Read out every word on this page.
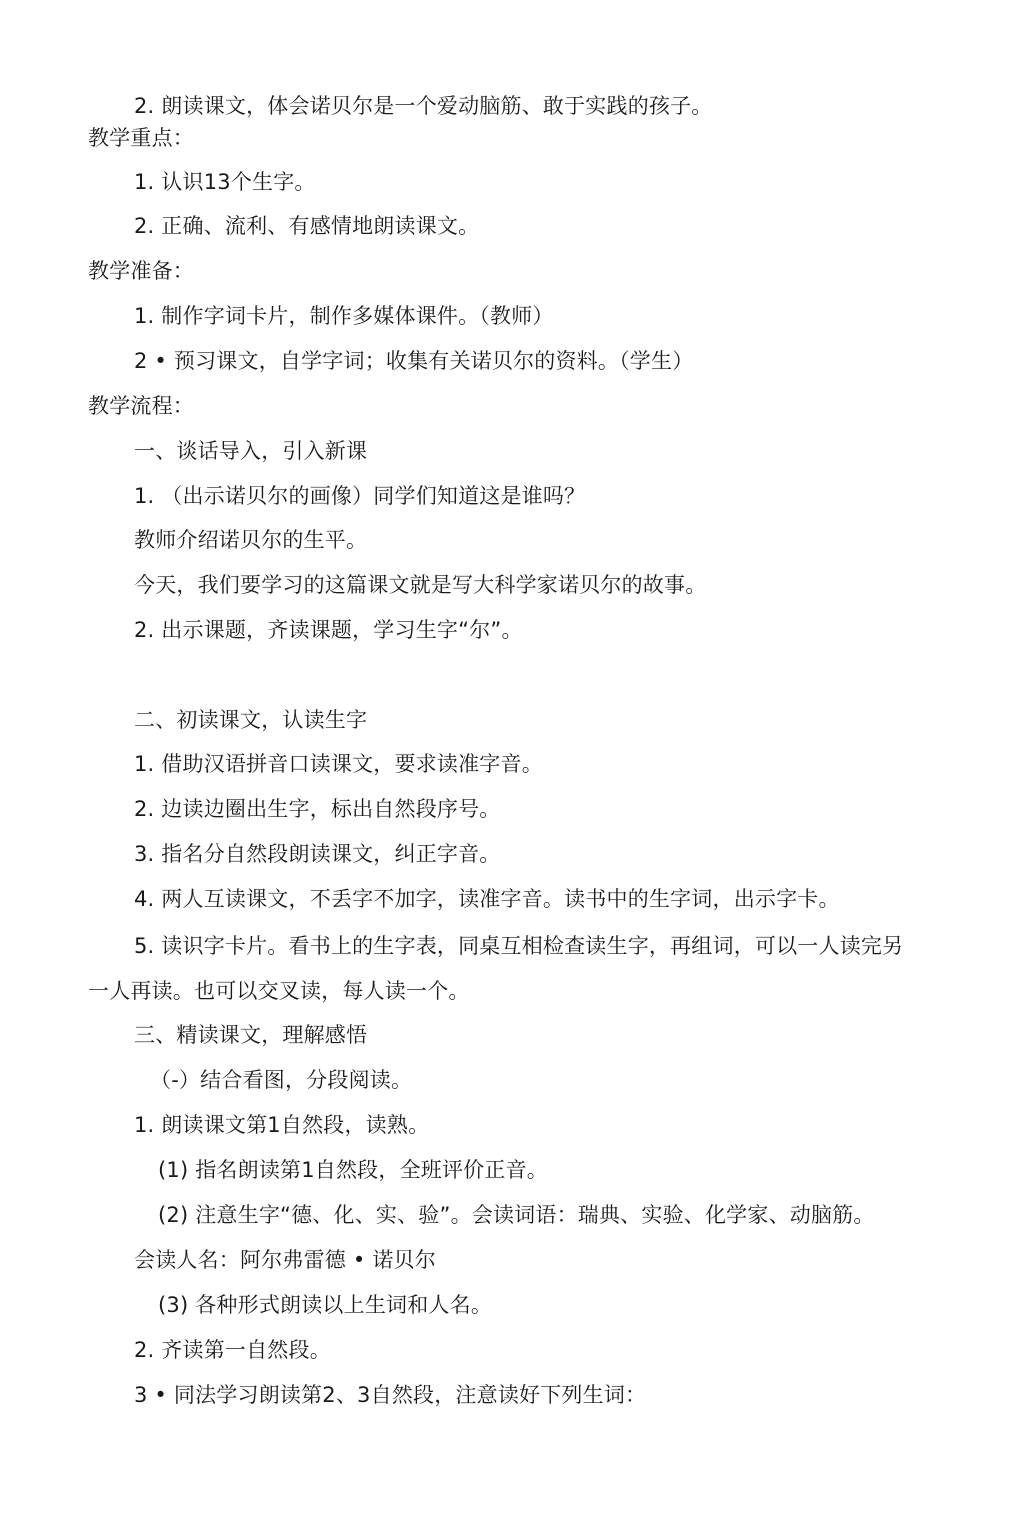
2. 朗读课文，体会诺贝尔是一个爱动脑筋、敢于实践的孩子。
教学重点：
1. 认识13个生字。
2. 正确、流利、有感情地朗读课文。
教学准备：
1. 制作字词卡片，制作多媒体课件。（教师）
2 • 预习课文，自学字词；收集有关诺贝尔的资料。（学生）
教学流程：
一、谈话导入，引入新课
1. （出示诺贝尔的画像）同学们知道这是谁吗？
教师介绍诺贝尔的生平。
今天，我们要学习的这篇课文就是写大科学家诺贝尔的故事。
2. 出示课题，齐读课题，学习生字“尔”。
二、初读课文，认读生字
1. 借助汉语拼音口读课文，要求读准字音。
2. 边读边圈出生字，标出自然段序号。
3. 指名分自然段朗读课文，纠正字音。
4. 两人互读课文，不丢字不加字，读准字音。读书中的生字词，出示字卡。
5. 读识字卡片。看书上的生字表，同桌互相检查读生字，再组词，可以一人读完另
一人再读。也可以交叉读，每人读一个。
三、精读课文，理解感悟
（-）结合看图，分段阅读。
1. 朗读课文第1自然段，读熟。
(1) 指名朗读第1自然段，全班评价正音。
(2) 注意生字“德、化、实、验”。会读词语：瑞典、实验、化学家、动脑筋。
会读人名：阿尔弗雷德 • 诺贝尔
(3) 各种形式朗读以上生词和人名。
2. 齐读第一自然段。
3 • 同法学习朗读第2、3自然段，注意读好下列生词：
